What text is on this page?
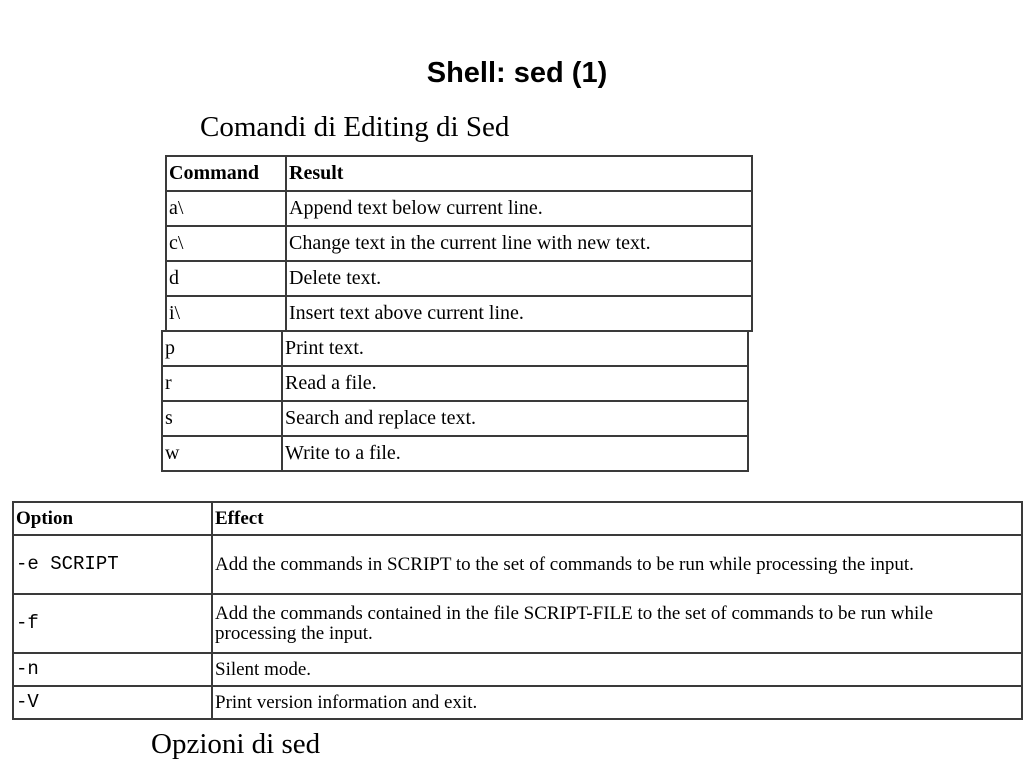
Shell: sed (1)
Comandi di Editing di Sed
Command	Result
a\	Append text below current line.
c\	Change text in the current line with new text.
d	Delete text.
i\	Insert text above current line.
p	Print text.
r	Read a file.
s	Search and replace text.
w	Write to a file.
Option	Effect
-e SCRIPT	Add the commands in SCRIPT to the set of commands to be run while processing the input.
-f	Add the commands contained in the file SCRIPT-FILE to the set of commands to be run while processing the input.
-n	Silent mode.
-V	Print version information and exit.
Opzioni di sed
